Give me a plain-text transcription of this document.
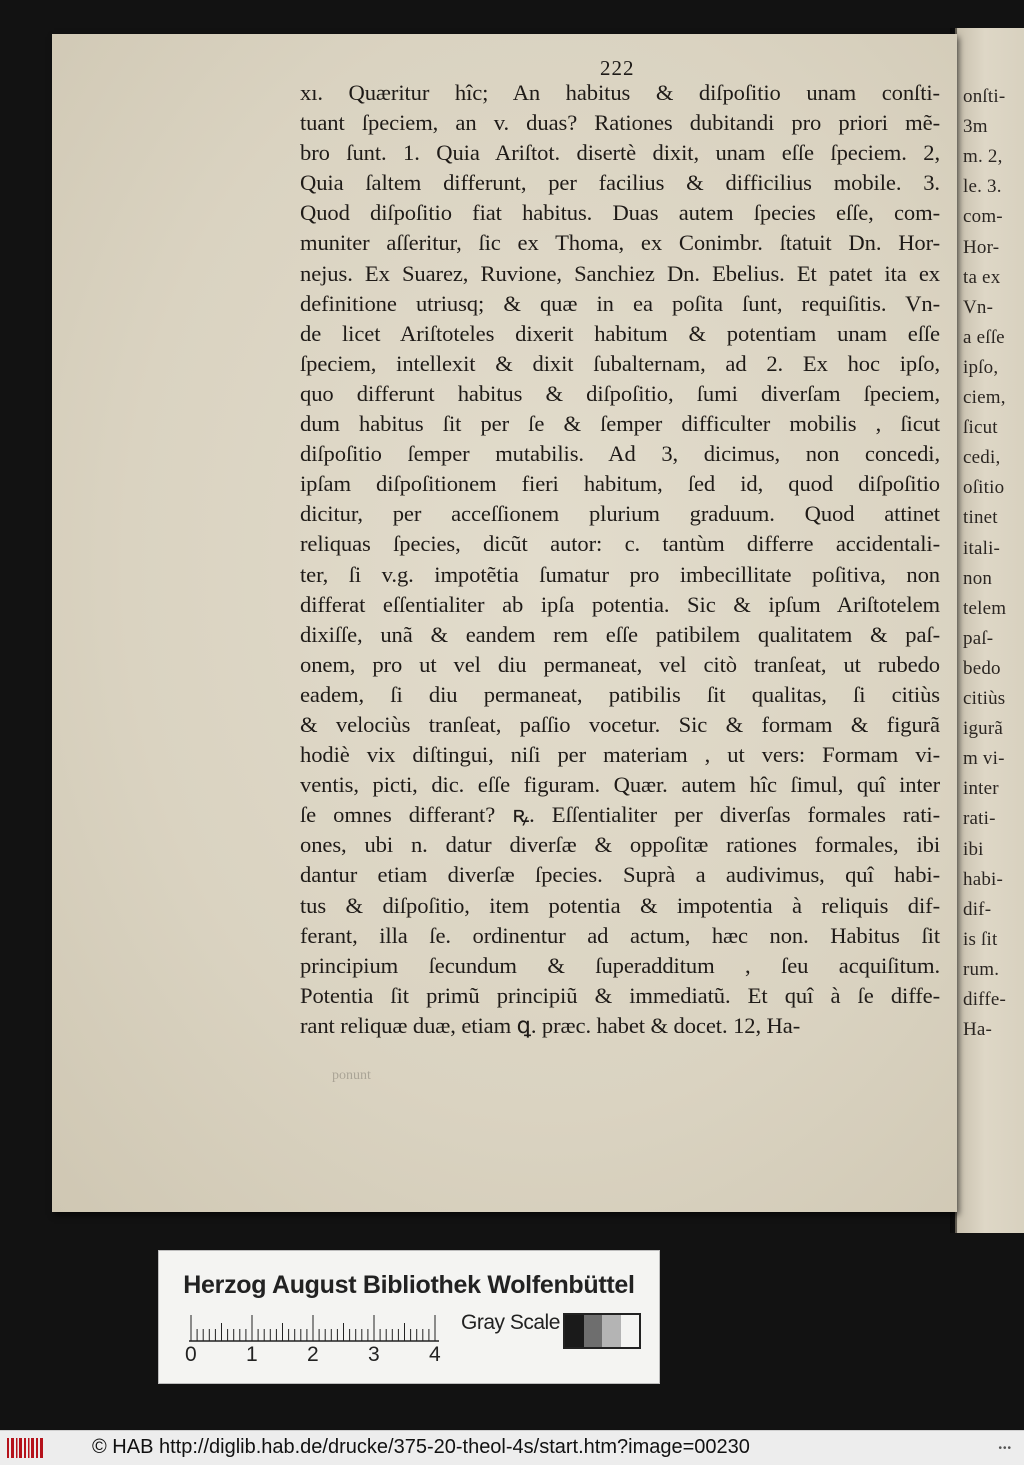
onſti-
3m
m. 2,
le. 3.
com-
Hor-
ta ex
Vn-
a eſſe
ipſo,
ciem,
ſicut
cedi,
oſitio
tinet
itali-
non
telem
paſ-
bedo
citiùs
igurã
m vi-
inter
rati-
ibi
habi-
dif-
is ſit
rum.
diffe-
Ha-
222
xı. Quæritur hîc; An habitus & diſpoſitio unam conſti-
tuant ſpeciem, an v. duas? Rationes dubitandi pro priori mẽ-
bro ſunt. 1. Quia Ariſtot. disertè dixit, unam eſſe ſpeciem. 2,
Quia ſaltem differunt, per facilius & difficilius mobile. 3.
Quod diſpoſitio fiat habitus. Duas autem ſpecies eſſe, com-
muniter aſſeritur, ſic ex Thoma, ex Conimbr. ſtatuit Dn. Hor-
nejus. Ex Suarez, Ruvione, Sanchiez Dn. Ebelius. Et patet ita ex
definitione utriusq; & quæ in ea poſita ſunt, requiſitis. Vn-
de licet Ariſtoteles dixerit habitum & potentiam unam eſſe
ſpeciem, intellexit & dixit ſubalternam, ad 2. Ex hoc ipſo,
quo differunt habitus & diſpoſitio, ſumi diverſam ſpeciem,
dum habitus ſit per ſe & ſemper difficulter mobilis , ſicut
diſpoſitio ſemper mutabilis. Ad 3, dicimus, non concedi,
ipſam diſpoſitionem fieri habitum, ſed id, quod diſpoſitio
dicitur, per acceſſionem plurium graduum. Quod attinet
reliquas ſpecies, dicũt autor: c. tantùm differre accidentali-
ter, ſi v.g. impotẽtia ſumatur pro imbecillitate poſitiva, non
differat eſſentialiter ab ipſa potentia. Sic & ipſum Ariſtotelem
dixiſſe, unã & eandem rem eſſe patibilem qualitatem & paſ-
onem, pro ut vel diu permaneat, vel citò tranſeat, ut rubedo
eadem, ſi diu permaneat, patibilis ſit qualitas, ſi citiùs
& velociùs tranſeat, paſſio vocetur. Sic & formam & figurã
hodiè vix diſtingui, niſi per materiam , ut vers: Formam vi-
ventis, picti, dic. eſſe figuram. Quær. autem hîc ſimul, quî inter
ſe omnes differant? ꝶ. Eſſentialiter per diverſas formales rati-
ones, ubi n. datur diverſæ & oppoſitæ rationes formales, ibi
dantur etiam diverſæ ſpecies. Suprà a audivimus, quî habi-
tus & diſpoſitio, item potentia & impotentia à reliquis dif-
ferant, illa ſe. ordinentur ad actum, hæc non. Habitus ſit
principium ſecundum & ſuperadditum , ſeu acquiſitum.
Potentia ſit primũ principiũ & immediatũ. Et quî à ſe diffe-
rant reliquæ duæ, etiam ꝗ. præc. habet & docet. 12, Ha-
ponunt
Herzog August Bibliothek Wolfenbüttel
Gray Scale
0 1 2 3 4
© HAB http://diglib.hab.de/drucke/375-20-theol-4s/start.htm?image=00230	•••
